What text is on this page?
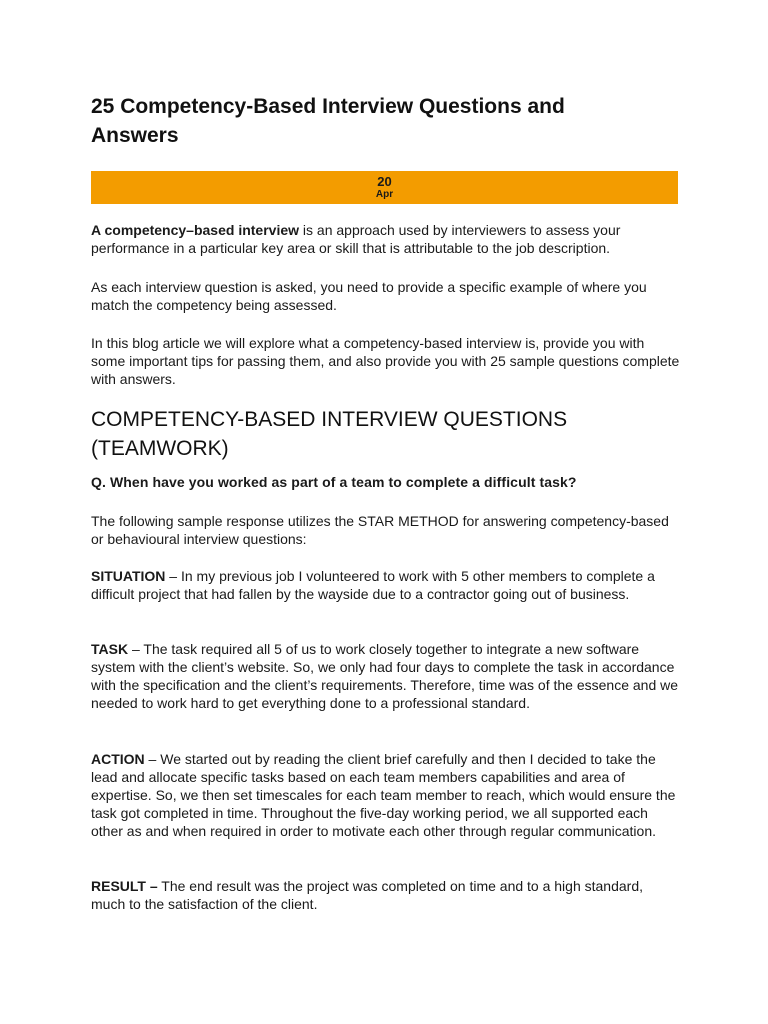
25 Competency-Based Interview Questions and Answers
20
Apr

A competency–based interview is an approach used by interviewers to assess your performance in a particular key area or skill that is attributable to the job description.

As each interview question is asked, you need to provide a specific example of where you match the competency being assessed.

In this blog article we will explore what a competency-based interview is, provide you with some important tips for passing them, and also provide you with 25 sample questions complete with answers.

COMPETENCY-BASED INTERVIEW QUESTIONS (TEAMWORK)

Q. When have you worked as part of a team to complete a difficult task?

The following sample response utilizes the STAR METHOD for answering competency-based or behavioural interview questions:

SITUATION – In my previous job I volunteered to work with 5 other members to complete a difficult project that had fallen by the wayside due to a contractor going out of business.

TASK – The task required all 5 of us to work closely together to integrate a new software system with the client’s website. So, we only had four days to complete the task in accordance with the specification and the client’s requirements. Therefore, time was of the essence and we needed to work hard to get everything done to a professional standard.

ACTION – We started out by reading the client brief carefully and then I decided to take the lead and allocate specific tasks based on each team members capabilities and area of expertise. So, we then set timescales for each team member to reach, which would ensure the task got completed in time. Throughout the five-day working period, we all supported each other as and when required in order to motivate each other through regular communication.

RESULT – The end result was the project was completed on time and to a high standard, much to the satisfaction of the client.
